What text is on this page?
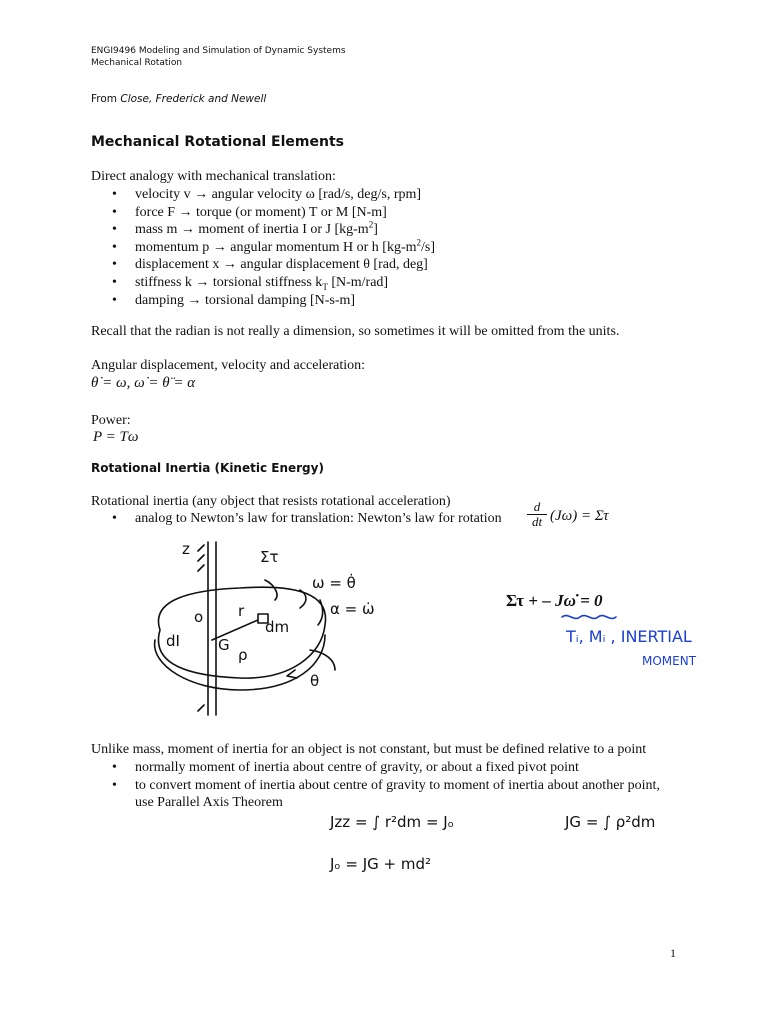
ENGI9496 Modeling and Simulation of Dynamic Systems
Mechanical Rotation
From Close, Frederick and Newell
Mechanical Rotational Elements
Direct analogy with mechanical translation:
• velocity v → angular velocity ω [rad/s, deg/s, rpm]
• force F → torque (or moment) T or M [N-m]
• mass m → moment of inertia I or J $[kg-m^2]$
• momentum p → angular momentum H or h $[kg-m^2/s]$
• displacement x → angular displacement θ [rad, deg]
• stiffness k → torsional stiffness $k_T$ [N-m/rad]
• damping → torsional damping [N-s-m]
Recall that the radian is not really a dimension, so sometimes it will be omitted from the units.
Angular displacement, velocity and acceleration:
θ̇ = ω, ω̇ = θ̈ = α
Power:
P = Tω
Rotational Inertia (Kinetic Energy)
Rotational inertia (any object that resists rotational acceleration)
• analog to Newton’s law for translation: Newton’s law for rotation
d
dt (Jω) = Στ
z	Στ
ω = θ̇
α = ω̇
r
dm
o
dI	G
ρ
θ
Στ + – Jω̇ = 0
Tᵢ, Mᵢ , INERTIAL
MOMENT
Unlike mass, moment of inertia for an object is not constant, but must be defined relative to a point
• normally moment of inertia about centre of gravity, or about a fixed pivot point
• to convert moment of inertia about centre of gravity to moment of inertia about another point, use Parallel Axis Theorem
Jzz = ∫ r²dm = Jₒ	JG = ∫ ρ²dm
Jₒ = JG + md²
1
